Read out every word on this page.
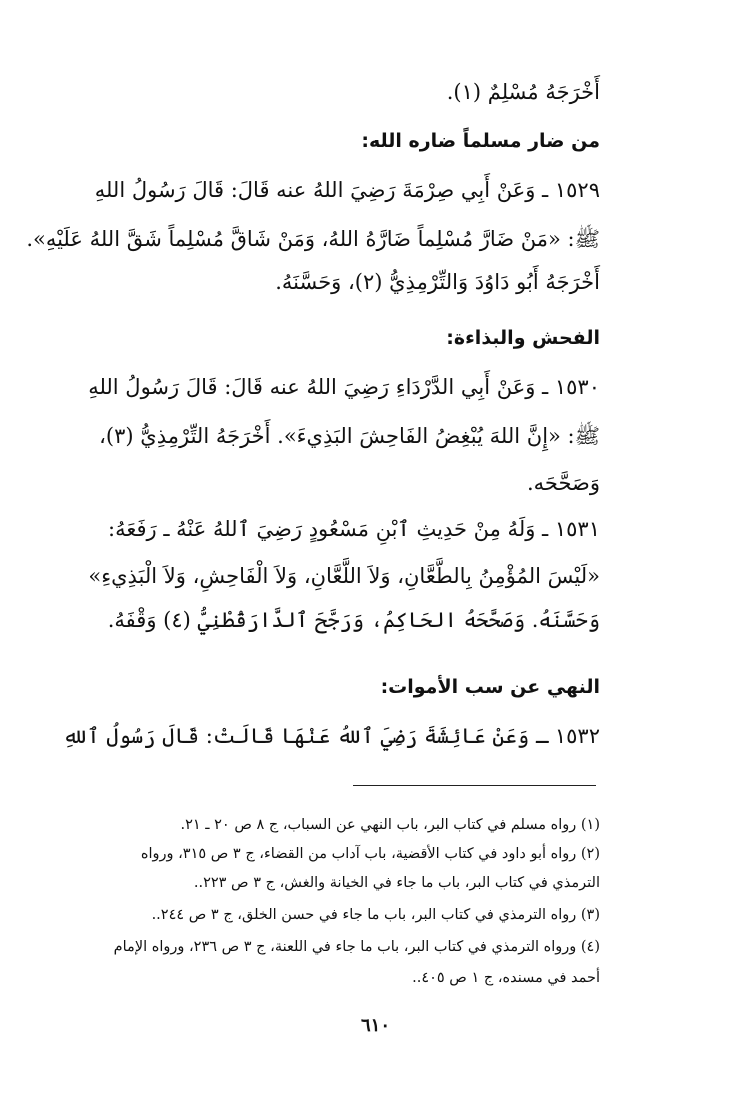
أَخْرَجَهُ مُسْلِمٌ (١).
من ضار مسلماً ضاره الله:
١٥٢٩ ـ وَعَنْ أَبِي صِرْمَةَ رَضِيَ اللهُ عنه قَالَ: قَالَ رَسُولُ اللهِ
ﷺ: «مَنْ ضَارَّ مُسْلِماً ضَارَّهُ اللهُ، وَمَنْ شَاقَّ مُسْلِماً شَقَّ اللهُ عَلَيْهِ».
أَخْرَجَهُ أَبُو دَاوُدَ وَالتِّرْمِذِيُّ (٢)، وَحَسَّنَهُ.
الفحش والبذاءة:
١٥٣٠ ـ وَعَنْ أَبِي الدَّرْدَاءِ رَضِيَ اللهُ عنه قَالَ: قَالَ رَسُولُ اللهِ
ﷺ: «إِنَّ اللهَ يُبْغِضُ الفَاحِشَ البَذِيءَ». أَخْرَجَهُ التِّرْمِذِيُّ (٣)،
وَصَحَّحَه.
١٥٣١ ـ وَلَهُ مِنْ حَدِيثِ ٱبْنِ مَسْعُودٍ رَضِيَ ٱللهُ عَنْهُ ـ رَفَعَهُ:
«لَيْسَ المُؤْمِنُ بِالطَّعَّانِ، وَلاَ اللَّعَّانِ، وَلاَ الْفَاحِشِ، وَلاَ الْبَذِيءِ»
وَحَسَّنَهُ. وَصَحَّحَهُ الحَاكِمُ، وَرَجَّحَ ٱلدَّارَقُطْنِيُّ (٤) وَقْفَهُ.
النهي عن سب الأموات:
١٥٣٢ ـ وَعَنْ عَائِشَةَ رَضِيَ ٱللهُ عَنْهَا قَالَتْ: قَالَ رَسُولُ ٱللهِ
(١) رواه مسلم في كتاب البر، باب النهي عن السباب، ج ٨ ص ٢٠ ـ ٢١.
(٢) رواه أبو داود في كتاب الأقضية، باب آداب من القضاء، ج ٣ ص ٣١٥، ورواه
الترمذي في كتاب البر، باب ما جاء في الخيانة والغش، ج ٣ ص ٢٢٣..
(٣) رواه الترمذي في كتاب البر، باب ما جاء في حسن الخلق، ج ٣ ص ٢٤٤..
(٤) ورواه الترمذي في كتاب البر، باب ما جاء في اللعنة، ج ٣ ص ٢٣٦، ورواه الإمام
أحمد في مسنده، ج ١ ص ٤٠٥..
٦١٠
